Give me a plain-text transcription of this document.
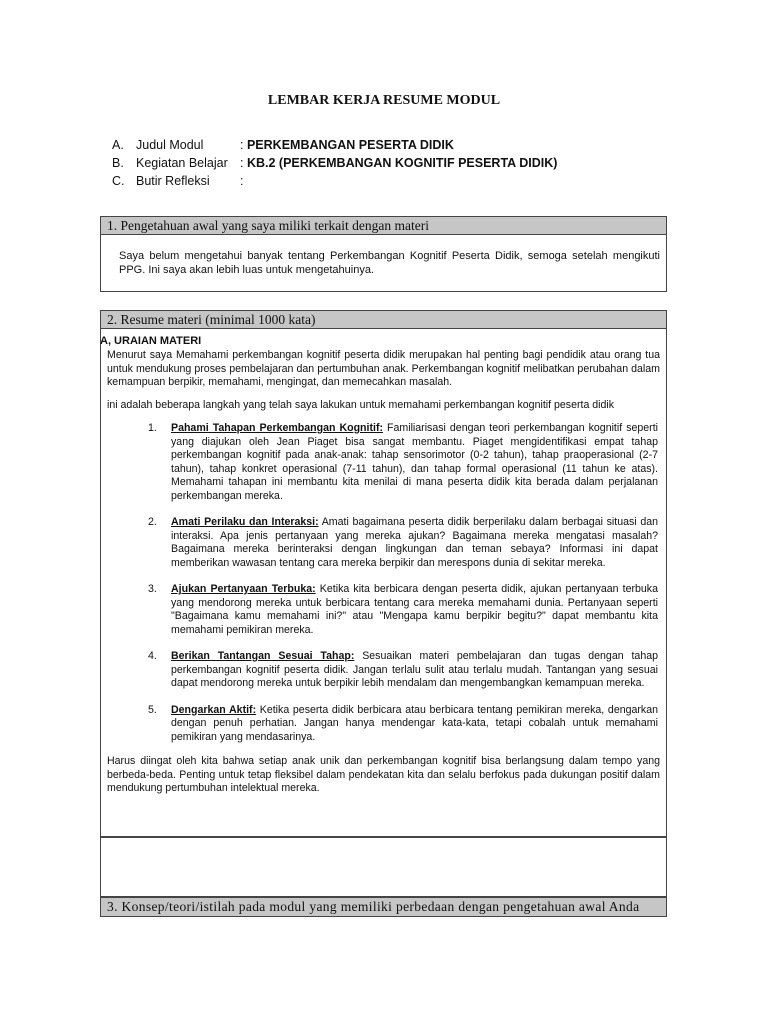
LEMBAR KERJA RESUME MODUL
A. Judul Modul	: PERKEMBANGAN PESERTA DIDIK
B. Kegiatan Belajar : KB.2 (PERKEMBANGAN KOGNITIF PESERTA DIDIK)
C. Butir Refleksi :
1. Pengetahuan awal yang saya miliki terkait dengan materi
Saya belum mengetahui banyak tentang Perkembangan Kognitif Peserta Didik, semoga setelah mengikuti PPG. Ini saya akan lebih luas untuk mengetahuinya.
2. Resume materi (minimal 1000 kata)
A, URAIAN MATERI
Menurut saya Memahami perkembangan kognitif peserta didik merupakan hal penting bagi pendidik atau orang tua untuk mendukung proses pembelajaran dan pertumbuhan anak. Perkembangan kognitif melibatkan perubahan dalam kemampuan berpikir, memahami, mengingat, dan memecahkan masalah.
ini adalah beberapa langkah yang telah saya lakukan untuk memahami perkembangan kognitif peserta didik
1. Pahami Tahapan Perkembangan Kognitif: Familiarisasi dengan teori perkembangan kognitif seperti yang diajukan oleh Jean Piaget bisa sangat membantu. Piaget mengidentifikasi empat tahap perkembangan kognitif pada anak-anak: tahap sensorimotor (0-2 tahun), tahap praoperasional (2-7 tahun), tahap konkret operasional (7-11 tahun), dan tahap formal operasional (11 tahun ke atas). Memahami tahapan ini membantu kita menilai di mana peserta didik kita berada dalam perjalanan perkembangan mereka.
2. Amati Perilaku dan Interaksi: Amati bagaimana peserta didik berperilaku dalam berbagai situasi dan interaksi. Apa jenis pertanyaan yang mereka ajukan? Bagaimana mereka mengatasi masalah? Bagaimana mereka berinteraksi dengan lingkungan dan teman sebaya? Informasi ini dapat memberikan wawasan tentang cara mereka berpikir dan merespons dunia di sekitar mereka.
3. Ajukan Pertanyaan Terbuka: Ketika kita berbicara dengan peserta didik, ajukan pertanyaan terbuka yang mendorong mereka untuk berbicara tentang cara mereka memahami dunia. Pertanyaan seperti "Bagaimana kamu memahami ini?" atau "Mengapa kamu berpikir begitu?" dapat membantu kita memahami pemikiran mereka.
4. Berikan Tantangan Sesuai Tahap: Sesuaikan materi pembelajaran dan tugas dengan tahap perkembangan kognitif peserta didik. Jangan terlalu sulit atau terlalu mudah. Tantangan yang sesuai dapat mendorong mereka untuk berpikir lebih mendalam dan mengembangkan kemampuan mereka.
5. Dengarkan Aktif: Ketika peserta didik berbicara atau berbicara tentang pemikiran mereka, dengarkan dengan penuh perhatian. Jangan hanya mendengar kata-kata, tetapi cobalah untuk memahami pemikiran yang mendasarinya.
Harus diingat oleh kita bahwa setiap anak unik dan perkembangan kognitif bisa berlangsung dalam tempo yang berbeda-beda. Penting untuk tetap fleksibel dalam pendekatan kita dan selalu berfokus pada dukungan positif dalam mendukung pertumbuhan intelektual mereka.
3. Konsep/teori/istilah pada modul yang memiliki perbedaan dengan pengetahuan awal Anda
